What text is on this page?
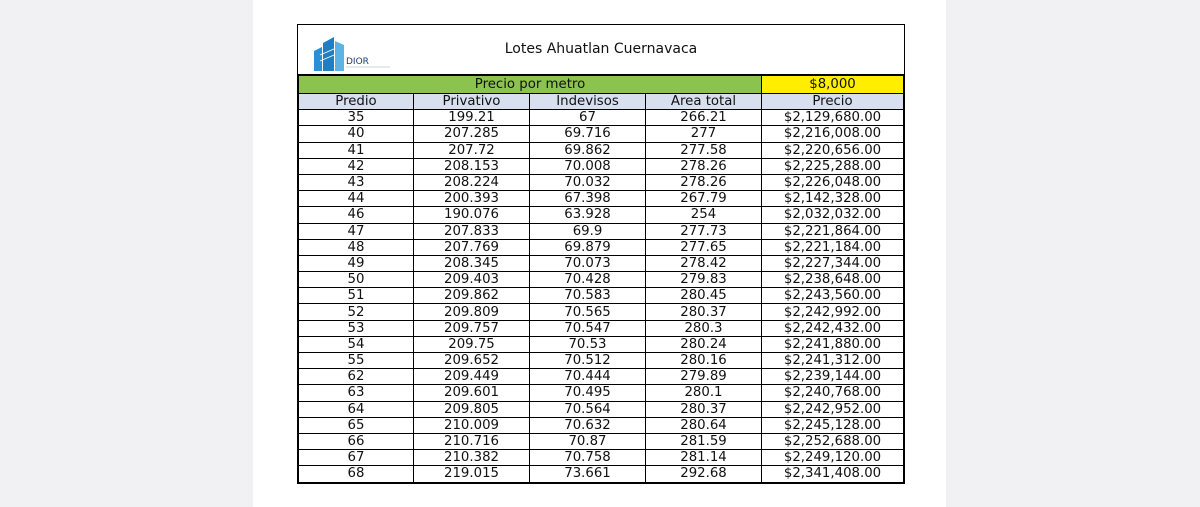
DIOR
Lotes Ahuatlan Cuernavaca
Precio por metro				$8,000
Predio	Privativo	Indevisos	Area total	Precio
35	199.21	67	266.21	$2,129,680.00
40	207.285	69.716	277	$2,216,008.00
41	207.72	69.862	277.58	$2,220,656.00
42	208.153	70.008	278.26	$2,225,288.00
43	208.224	70.032	278.26	$2,226,048.00
44	200.393	67.398	267.79	$2,142,328.00
46	190.076	63.928	254	$2,032,032.00
47	207.833	69.9	277.73	$2,221,864.00
48	207.769	69.879	277.65	$2,221,184.00
49	208.345	70.073	278.42	$2,227,344.00
50	209.403	70.428	279.83	$2,238,648.00
51	209.862	70.583	280.45	$2,243,560.00
52	209.809	70.565	280.37	$2,242,992.00
53	209.757	70.547	280.3	$2,242,432.00
54	209.75	70.53	280.24	$2,241,880.00
55	209.652	70.512	280.16	$2,241,312.00
62	209.449	70.444	279.89	$2,239,144.00
63	209.601	70.495	280.1	$2,240,768.00
64	209.805	70.564	280.37	$2,242,952.00
65	210.009	70.632	280.64	$2,245,128.00
66	210.716	70.87	281.59	$2,252,688.00
67	210.382	70.758	281.14	$2,249,120.00
68	219.015	73.661	292.68	$2,341,408.00
